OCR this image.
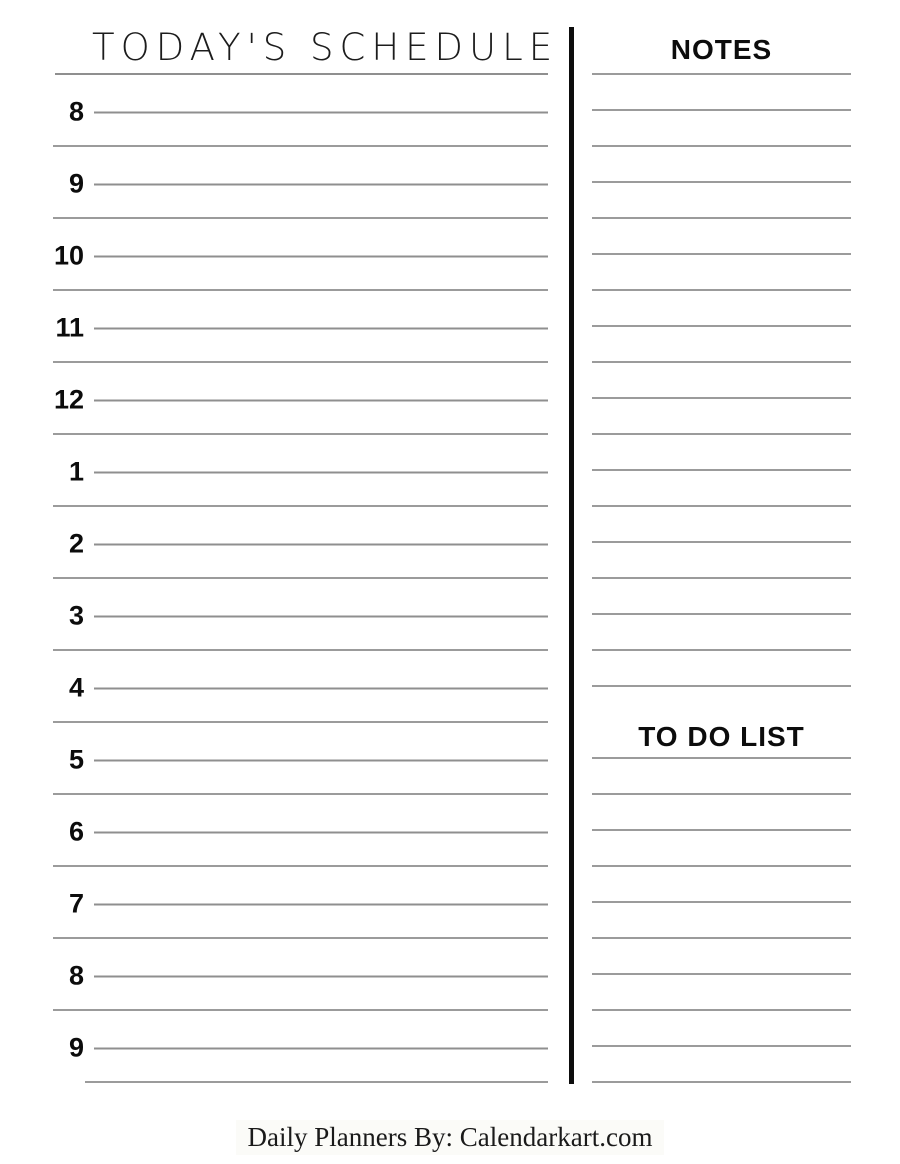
TODAY'S SCHEDULE
8
9
10
11
12
1
2
3
4
5
6
7
8
9
NOTES
TO DO LIST
Daily Planners By: Calendarkart.com
